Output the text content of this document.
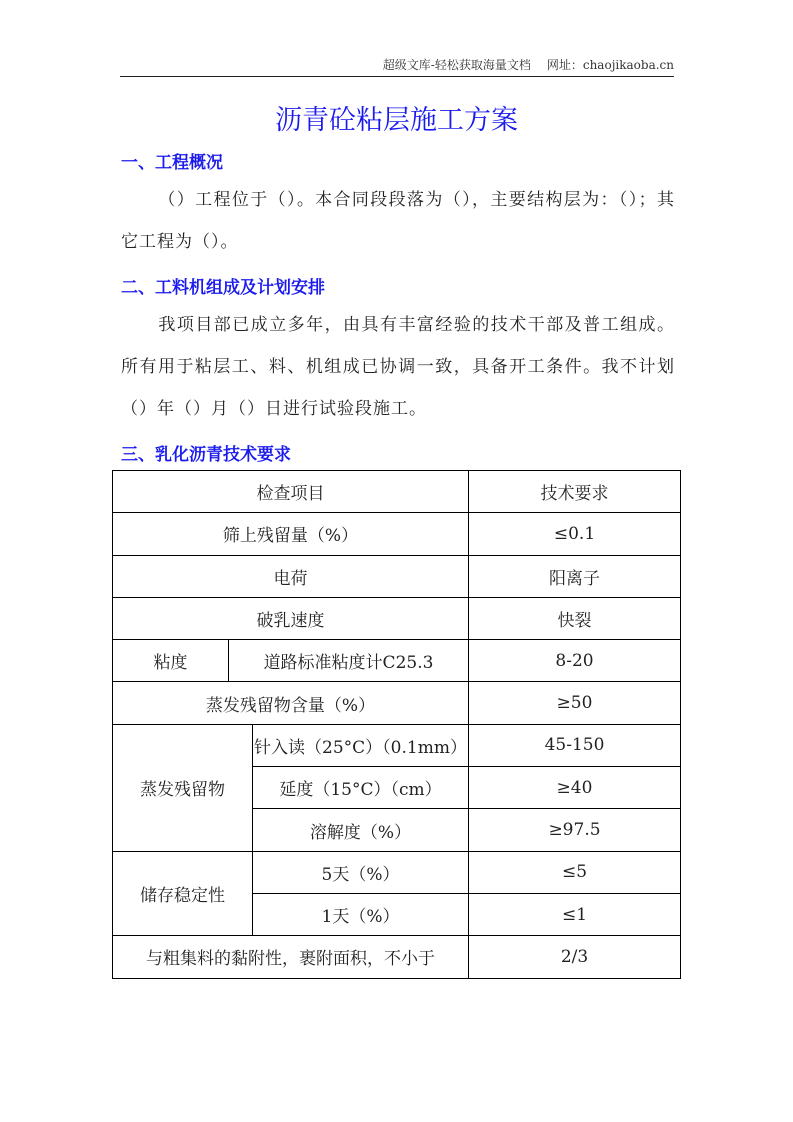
超级文库-轻松获取海量文档 网址：chaojikaoba.cn
沥青砼粘层施工方案
一、工程概况
（）工程位于（）。本合同段段落为（），主要结构层为：（）；其它工程为（）。
二、工料机组成及计划安排
我项目部已成立多年，由具有丰富经验的技术干部及普工组成。所有用于粘层工、料、机组成已协调一致，具备开工条件。我不计划（）年（）月（）日进行试验段施工。
三、乳化沥青技术要求
检查项目			技术要求
筛上残留量（%）			≤0.1
电荷			阳离子
破乳速度			快裂
粘度	道路标准粘度计C25.3		8-20
蒸发残留物含量（%）			≥50
蒸发残留物		针入读（25°C）（0.1mm）	45-150
		延度（15°C）（cm）	≥40
		溶解度（%）	≥97.5
储存稳定性		5天（%）	≤5
		1天（%）	≤1
与粗集料的黏附性，裹附面积，不小于			2/3
